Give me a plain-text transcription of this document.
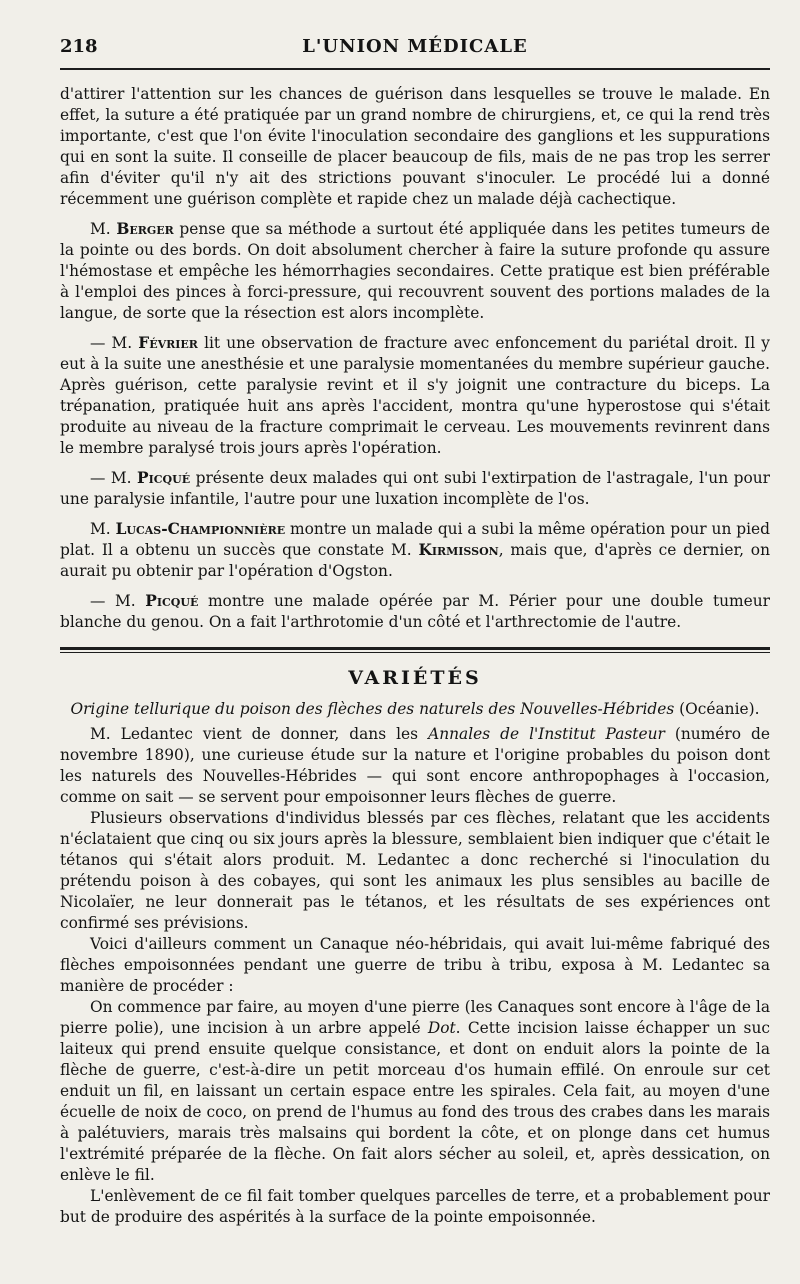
218	L'UNION MÉDICALE

d'attirer l'attention sur les chances de guérison dans lesquelles se trouve le malade. En effet, la suture a été pratiquée par un grand nombre de chirurgiens, et, ce qui la rend très importante, c'est que l'on évite l'inoculation secondaire des ganglions et les suppurations qui en sont la suite. Il conseille de placer beaucoup de fils, mais de ne pas trop les serrer afin d'éviter qu'il n'y ait des strictions pouvant s'inoculer. Le procédé lui a donné récemment une guérison complète et rapide chez un malade déjà cachectique.

M. Berger pense que sa méthode a surtout été appliquée dans les petites tumeurs de la pointe ou des bords. On doit absolument chercher à faire la suture profonde qu assure l'hémostase et empêche les hémorrhagies secondaires. Cette pratique est bien préférable à l'emploi des pinces à forci-pressure, qui recouvrent souvent des portions malades de la langue, de sorte que la résection est alors incomplète.

— M. Février lit une observation de fracture avec enfoncement du pariétal droit. Il y eut à la suite une anesthésie et une paralysie momentanées du membre supérieur gauche. Après guérison, cette paralysie revint et il s'y joignit une contracture du biceps. La trépanation, pratiquée huit ans après l'accident, montra qu'une hyperostose qui s'était produite au niveau de la fracture comprimait le cerveau. Les mouvements revinrent dans le membre paralysé trois jours après l'opération.

— M. Picqué présente deux malades qui ont subi l'extirpation de l'astragale, l'un pour une paralysie infantile, l'autre pour une luxation incomplète de l'os.

M. Lucas-Championnière montre un malade qui a subi la même opération pour un pied plat. Il a obtenu un succès que constate M. Kirmisson, mais que, d'après ce dernier, on aurait pu obtenir par l'opération d'Ogston.

— M. Picqué montre une malade opérée par M. Périer pour une double tumeur blanche du genou. On a fait l'arthrotomie d'un côté et l'arthrectomie de l'autre.

VARIÉTÉS
Origine tellurique du poison des flèches des naturels des Nouvelles-Hébrides (Océanie).

M. Ledantec vient de donner, dans les Annales de l'Institut Pasteur (numéro de novembre 1890), une curieuse étude sur la nature et l'origine probables du poison dont les naturels des Nouvelles-Hébrides — qui sont encore anthropophages à l'occasion, comme on sait — se servent pour empoisonner leurs flèches de guerre.

Plusieurs observations d'individus blessés par ces flèches, relatant que les accidents n'éclataient que cinq ou six jours après la blessure, semblaient bien indiquer que c'était le tétanos qui s'était alors produit. M. Ledantec a donc recherché si l'inoculation du prétendu poison à des cobayes, qui sont les animaux les plus sensibles au bacille de Nicolaïer, ne leur donnerait pas le tétanos, et les résultats de ses expériences ont confirmé ses prévisions.

Voici d'ailleurs comment un Canaque néo-hébridais, qui avait lui-même fabriqué des flèches empoisonnées pendant une guerre de tribu à tribu, exposa à M. Ledantec sa manière de procéder :

On commence par faire, au moyen d'une pierre (les Canaques sont encore à l'âge de la pierre polie), une incision à un arbre appelé Dot. Cette incision laisse échapper un suc laiteux qui prend ensuite quelque consistance, et dont on enduit alors la pointe de la flèche de guerre, c'est-à-dire un petit morceau d'os humain effilé. On enroule sur cet enduit un fil, en laissant un certain espace entre les spirales. Cela fait, au moyen d'une écuelle de noix de coco, on prend de l'humus au fond des trous des crabes dans les marais à palétuviers, marais très malsains qui bordent la côte, et on plonge dans cet humus l'extrémité préparée de la flèche. On fait alors sécher au soleil, et, après dessication, on enlève le fil.

L'enlèvement de ce fil fait tomber quelques parcelles de terre, et a probablement pour but de produire des aspérités à la surface de la pointe empoisonnée.
